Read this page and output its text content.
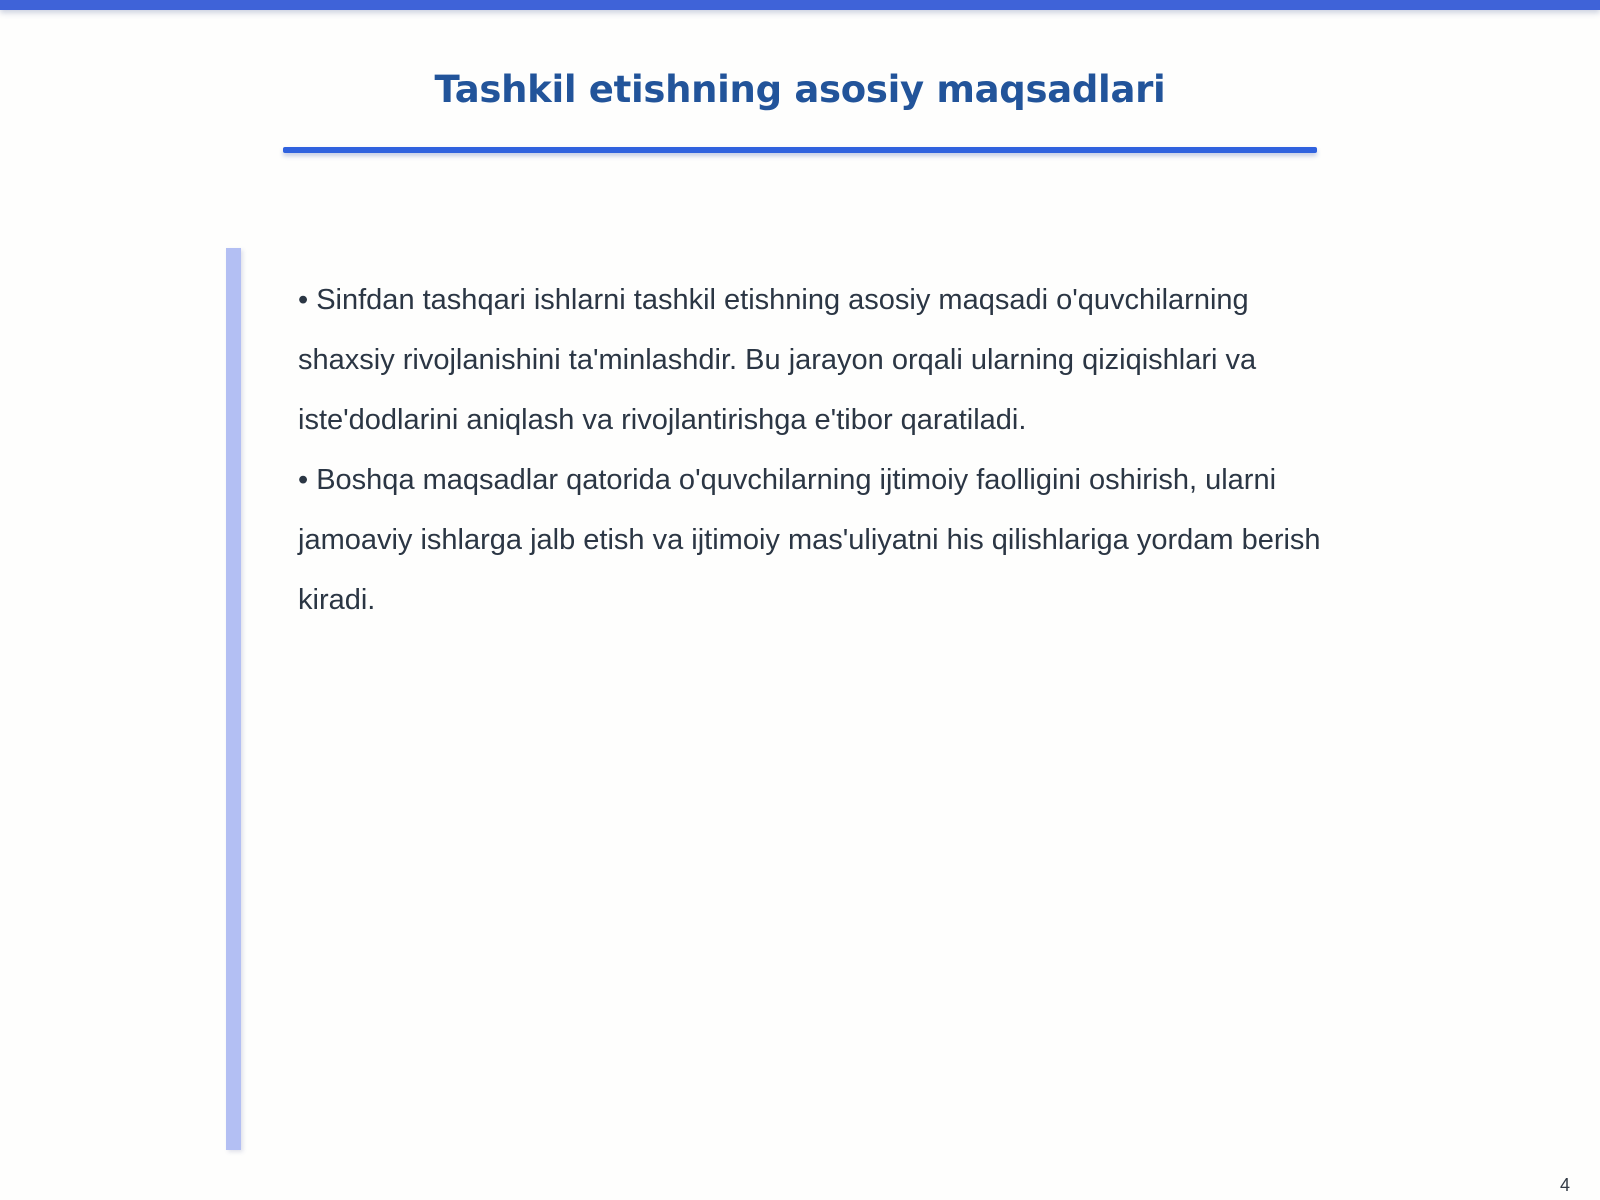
Tashkil etishning asosiy maqsadlari

• Sinfdan tashqari ishlarni tashkil etishning asosiy maqsadi o'quvchilarning shaxsiy rivojlanishini ta'minlashdir. Bu jarayon orqali ularning qiziqishlari va iste'dodlarini aniqlash va rivojlantirishga e'tibor qaratiladi.

• Boshqa maqsadlar qatorida o'quvchilarning ijtimoiy faolligini oshirish, ularni jamoaviy ishlarga jalb etish va ijtimoiy mas'uliyatni his qilishlariga yordam berish kiradi.

4
